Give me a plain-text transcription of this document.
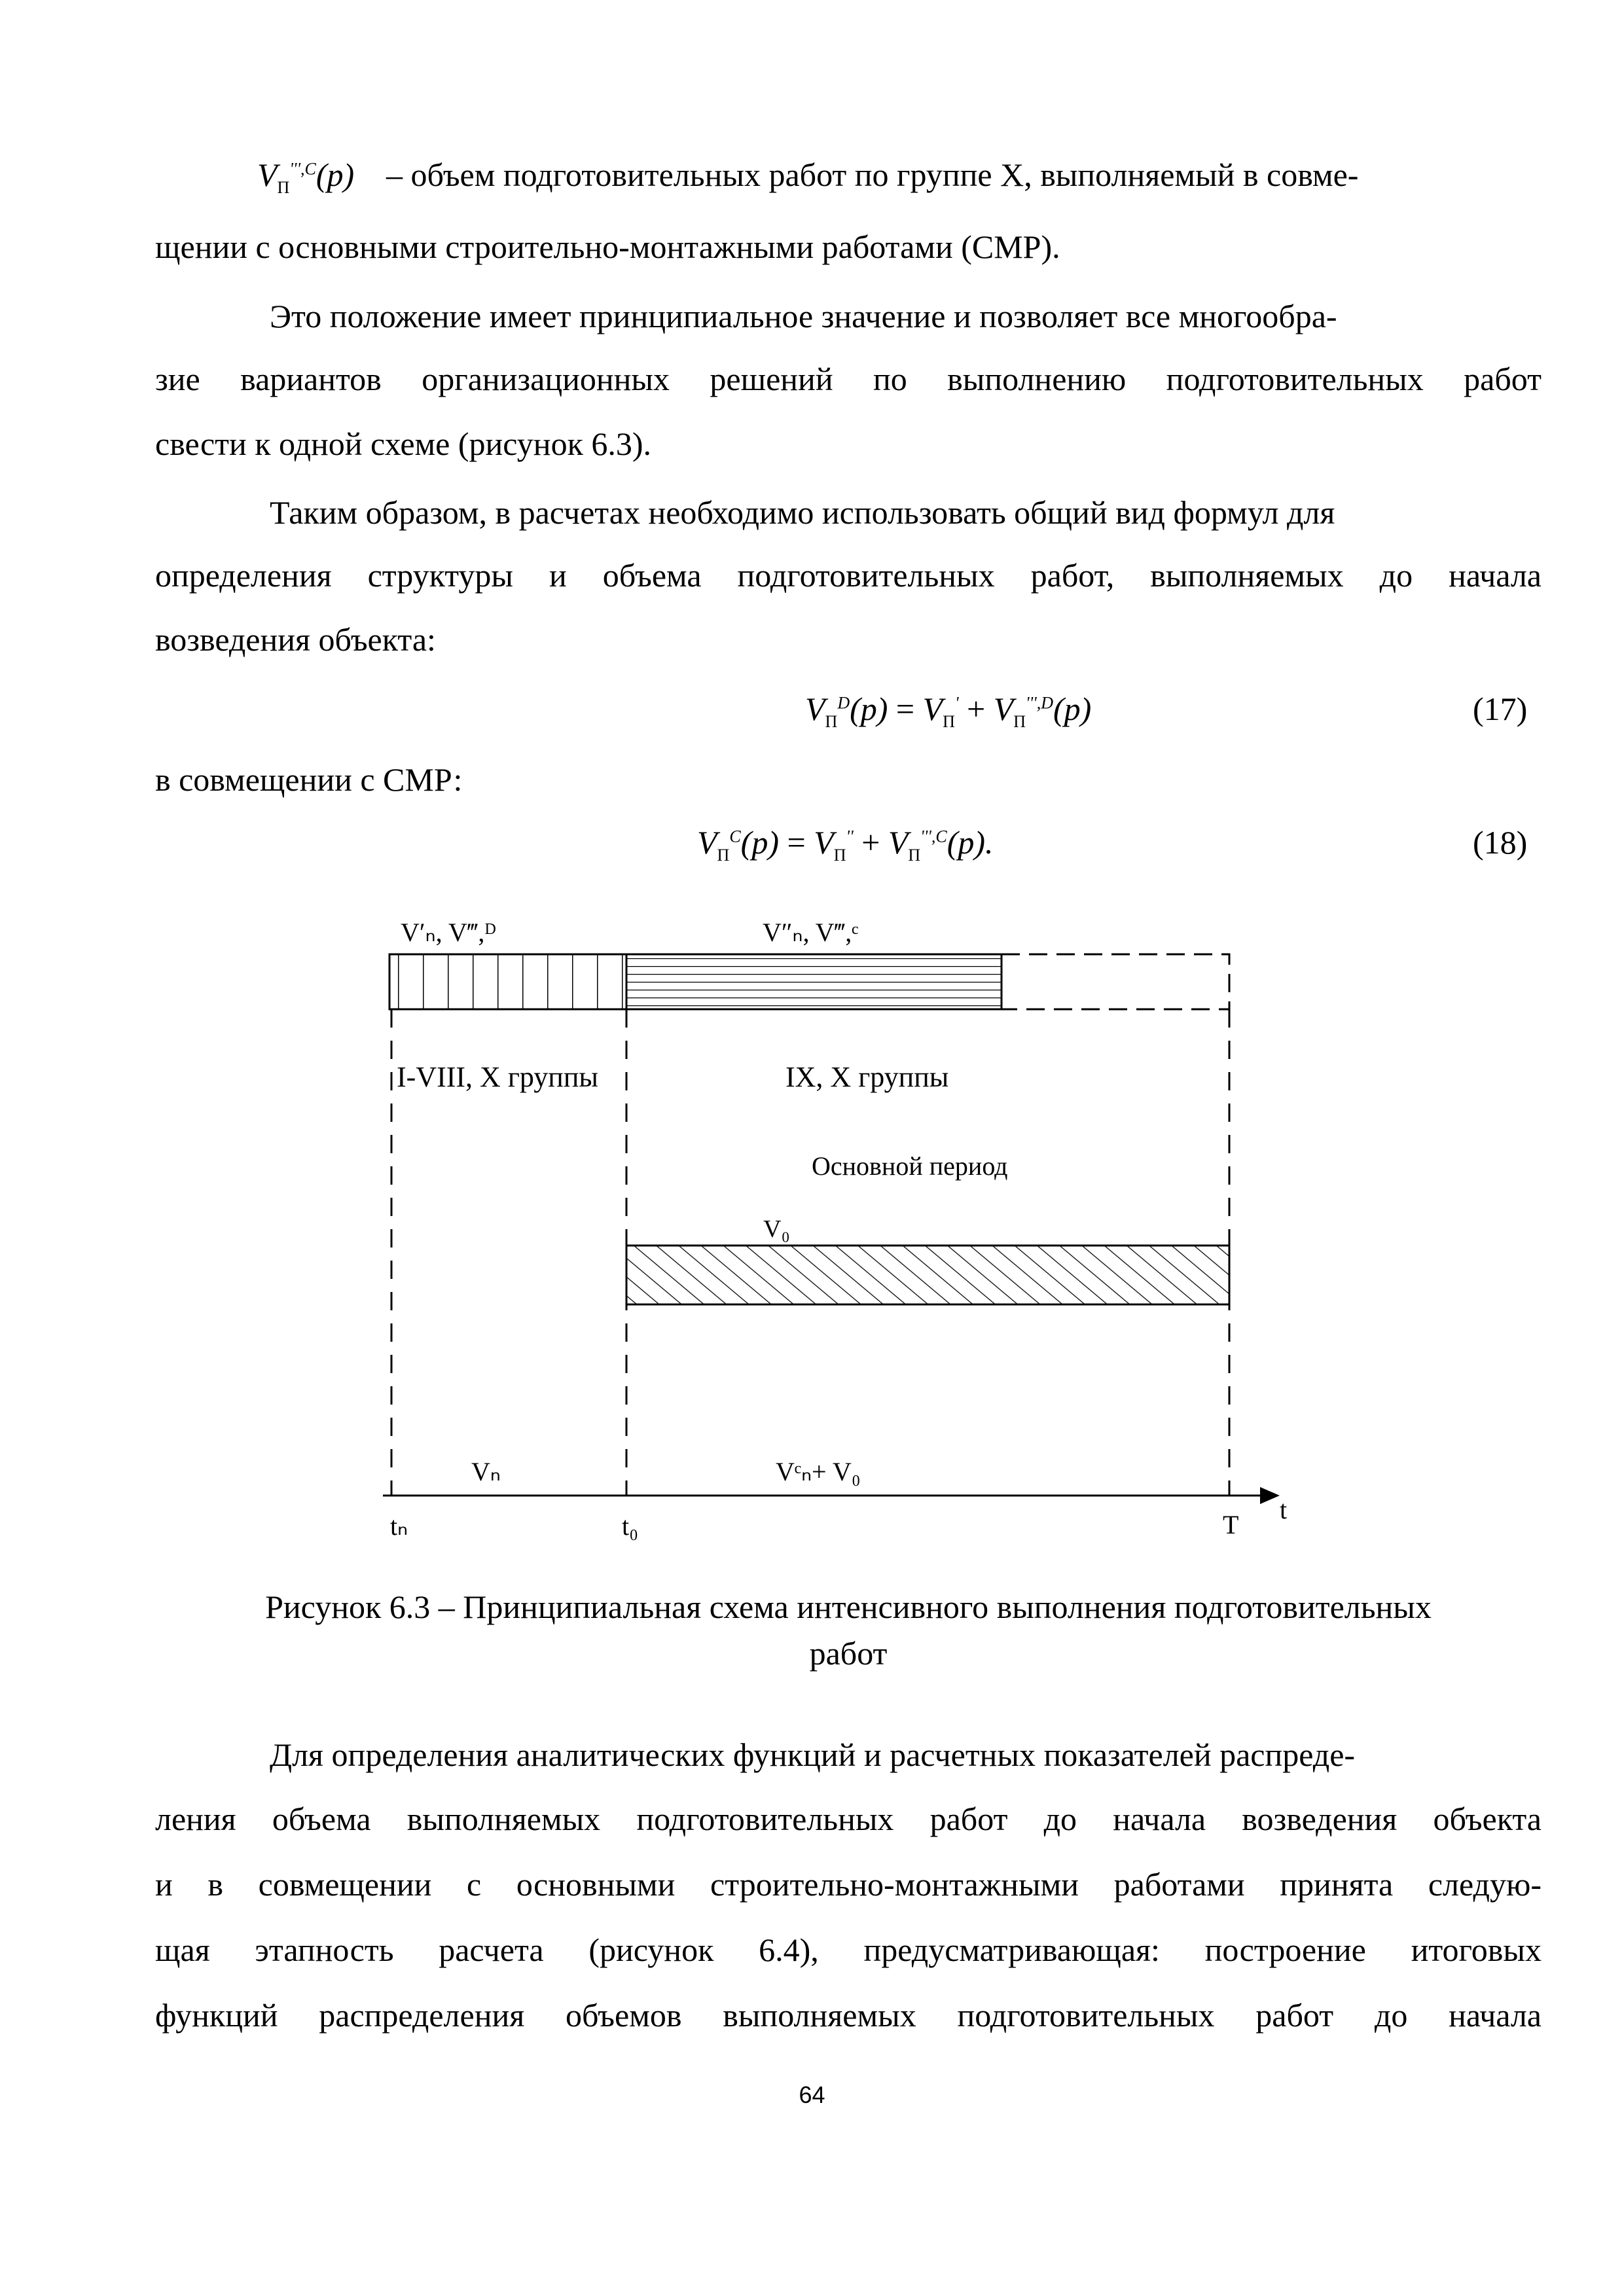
$V_П^{''',C}(p)$ – объем подготовительных работ по группе X, выполняемый в совме-
щении с основными строительно-монтажными работами (СМР).
Это положение имеет принципиальное значение и позволяет все многообра-
зие вариантов организационных решений по выполнению подготовительных работ
свести к одной схеме (рисунок 6.3).
Таким образом, в расчетах необходимо использовать общий вид формул для
определения структуры и объема подготовительных работ, выполняемых до начала
возведения объекта:
$V_П^D(p) = V_П' + V_П^{''',D}(p)$	(17)
в совмещении с СМР:
$V_П^C(p) = V_П'' + V_П^{''',C}(p)$.	(18)
V′ₙ, V‴,ᴰ	V″ₙ, V‴,ᶜ
I-VIII, X группы	IX, X группы
Основной период
V₀
Vₙ	Vᶜₙ+ V₀
tₙ	t₀	T
t
Рисунок 6.3 – Принципиальная схема интенсивного выполнения подготовительных
работ
Для определения аналитических функций и расчетных показателей распреде-
ления объема выполняемых подготовительных работ до начала возведения объекта
и в совмещении с основными строительно-монтажными работами принята следую-
щая этапность расчета (рисунок 6.4), предусматривающая: построение итоговых
функций распределения объемов выполняемых подготовительных работ до начала
64
